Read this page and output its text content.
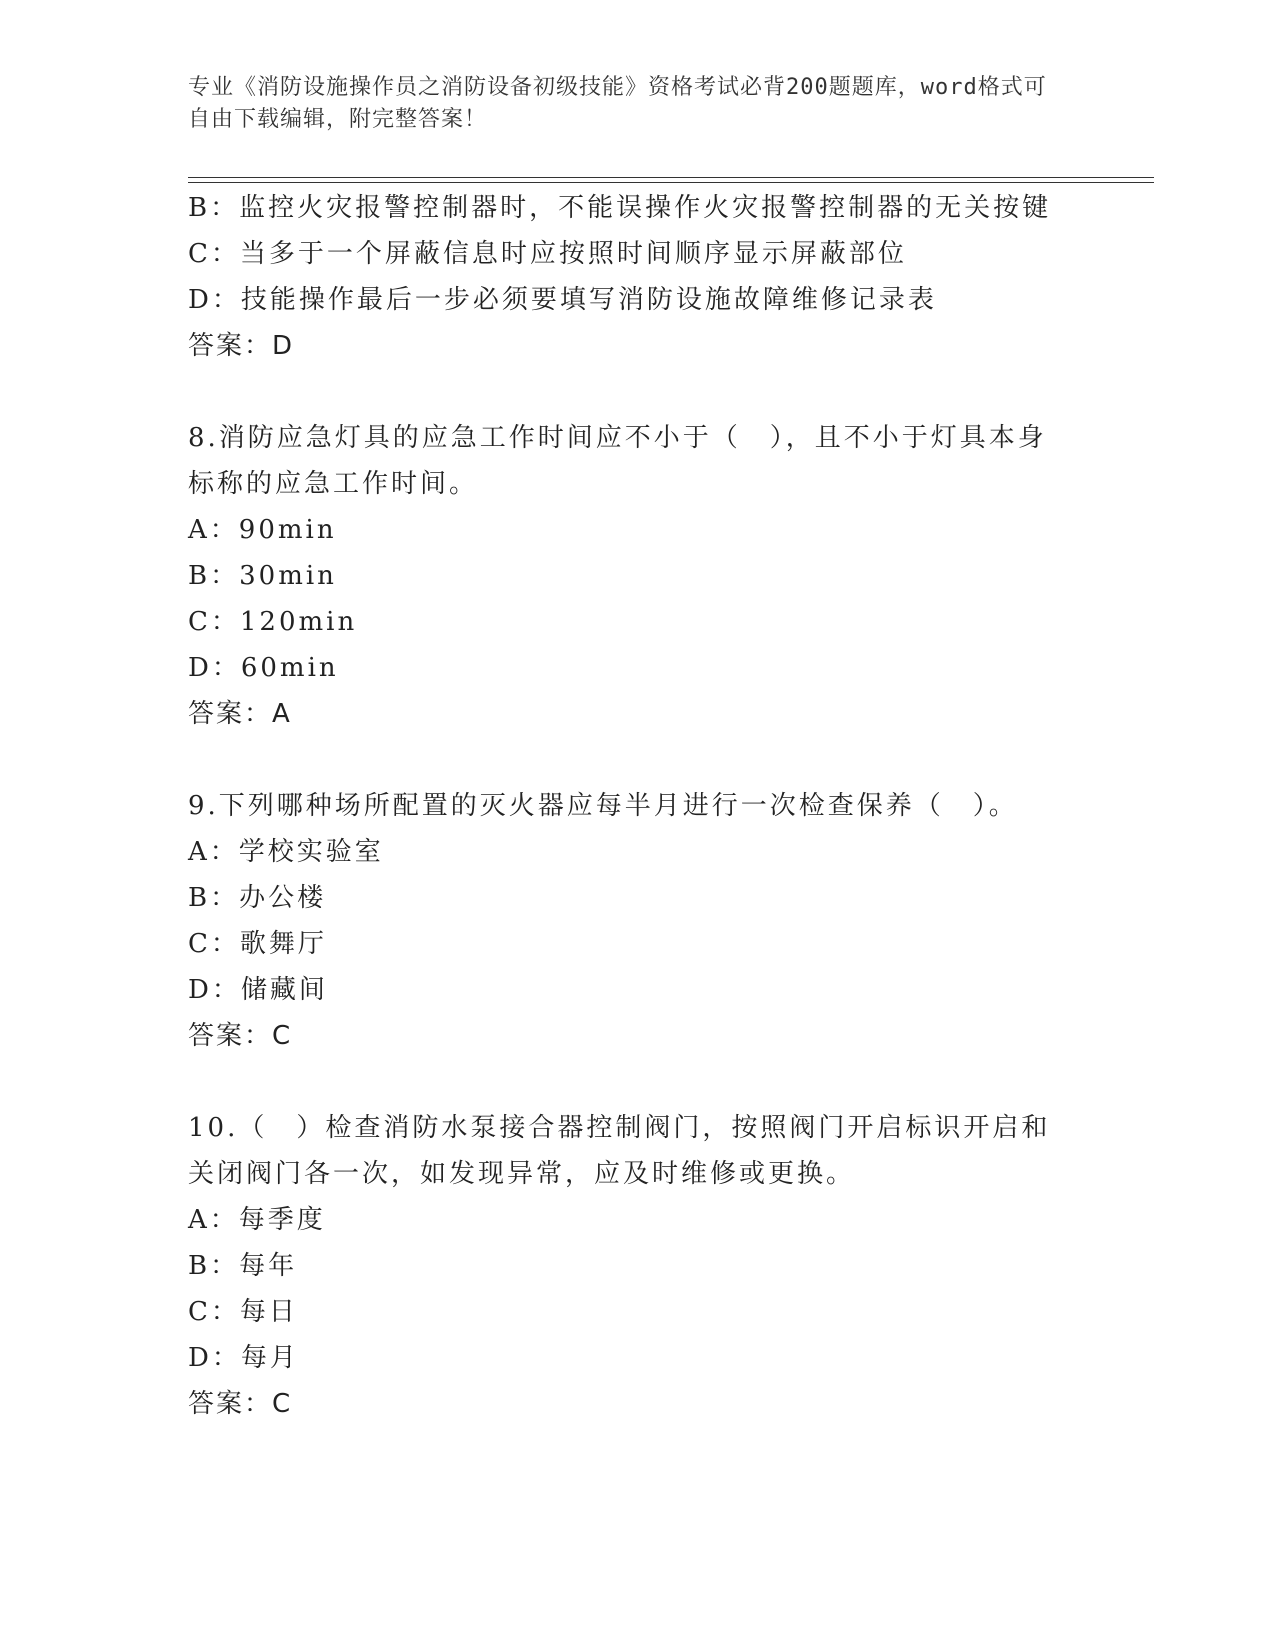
专业《消防设施操作员之消防设备初级技能》资格考试必背200题题库，word格式可自由下载编辑，附完整答案！
B：监控火灾报警控制器时，不能误操作火灾报警控制器的无关按键
C：当多于一个屏蔽信息时应按照时间顺序显示屏蔽部位
D：技能操作最后一步必须要填写消防设施故障维修记录表
答案：D
8.消防应急灯具的应急工作时间应不小于（　），且不小于灯具本身标称的应急工作时间。
A：90min
B：30min
C：120min
D：60min
答案：A
9.下列哪种场所配置的灭火器应每半月进行一次检查保养（　）。
A：学校实验室
B：办公楼
C：歌舞厅
D：储藏间
答案：C
10.（　）检查消防水泵接合器控制阀门，按照阀门开启标识开启和关闭阀门各一次，如发现异常，应及时维修或更换。
A：每季度
B：每年
C：每日
D：每月
答案：C
